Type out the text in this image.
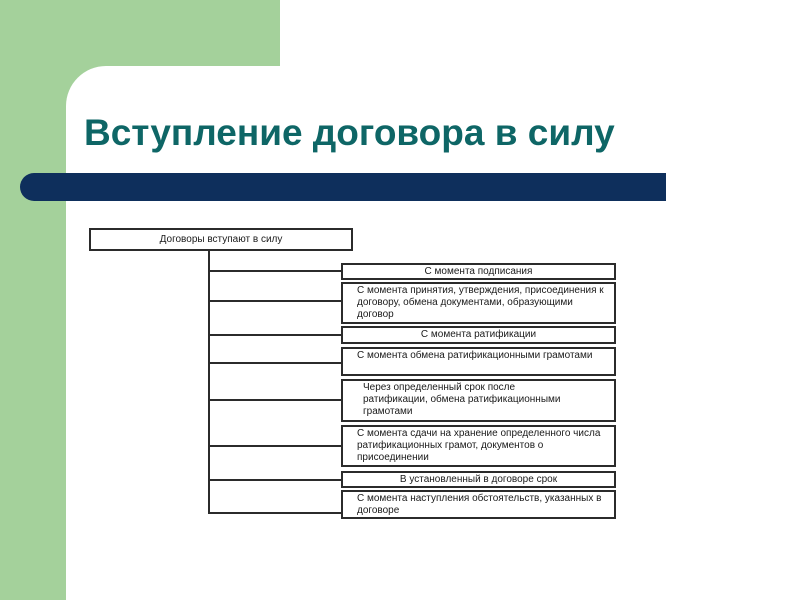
Вступление договора в силу
Договоры вступают в силу
С момента подписания
С момента принятия, утверждения, присоединения к договору, обмена документами, образующими договор
С момента ратификации
С момента обмена ратификационными грамотами
Через определенный срок после ратификации, обмена ратификационными грамотами
С момента сдачи на хранение определенного числа ратификационных грамот, документов о присоединении
В установленный в договоре срок
С момента наступления обстоятельств, указанных в договоре
